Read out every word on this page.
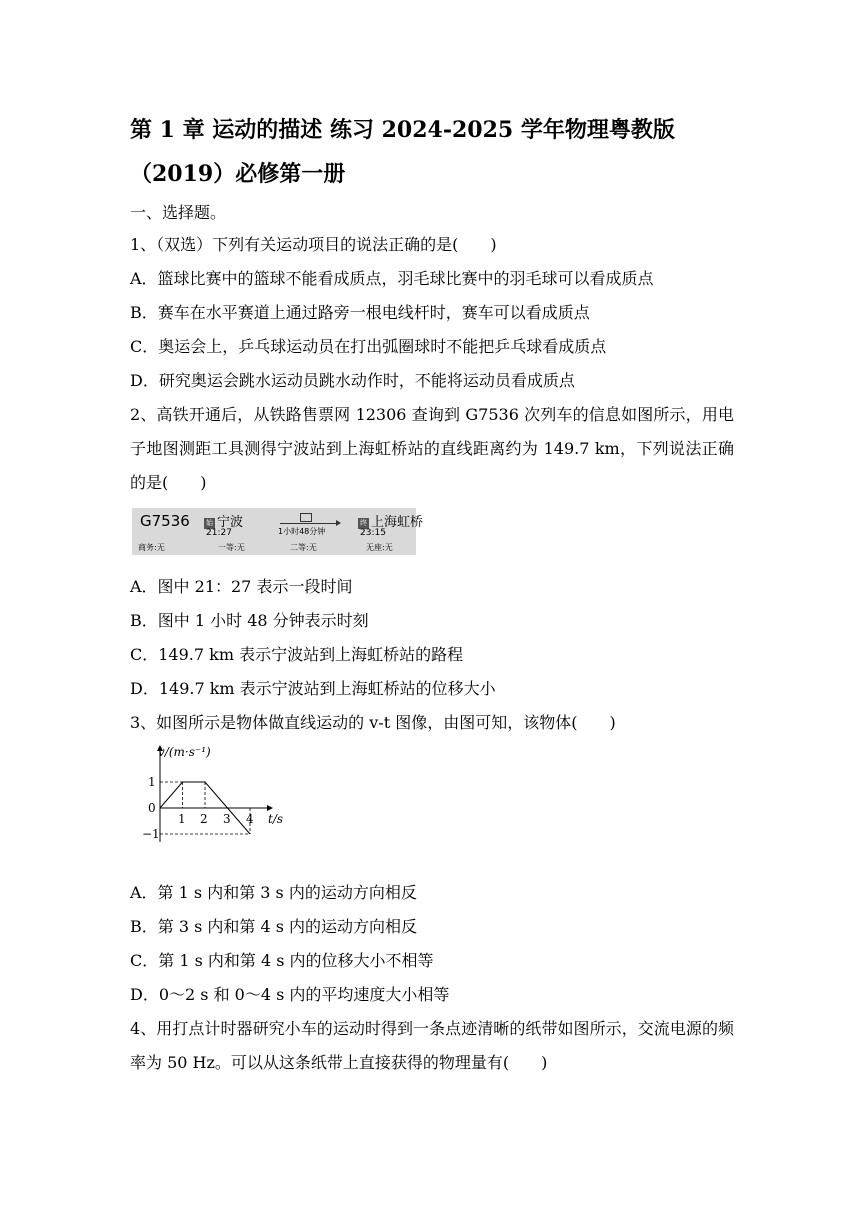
第 1 章 运动的描述 练习 2024-2025 学年物理粤教版（2019）必修第一册
一、选择题。
1、（双选）下列有关运动项目的说法正确的是(　　)
A．篮球比赛中的篮球不能看成质点，羽毛球比赛中的羽毛球可以看成质点
B．赛车在水平赛道上通过路旁一根电线杆时，赛车可以看成质点
C．奥运会上，乒乓球运动员在打出弧圈球时不能把乒乓球看成质点
D．研究奥运会跳水运动员跳水动作时，不能将运动员看成质点
2、高铁开通后，从铁路售票网 12306 查询到 G7536 次列车的信息如图所示，用电子地图测距工具测得宁波站到上海虹桥站的直线距离约为 149.7 km，下列说法正确的是(　　)
G7536 始 宁波
21:27	1小时48分钟
终 上海虹桥
23:15
商务:无	一等:无	二等:无	无座:无
A．图中 21：27 表示一段时间
B．图中 1 小时 48 分钟表示时刻
C．149.7 km 表示宁波站到上海虹桥站的路程
D．149.7 km 表示宁波站到上海虹桥站的位移大小
3、如图所示是物体做直线运动的 v-t 图像，由图可知，该物体(　　)
v/(m·s⁻¹)
t/s
1
0
−1
1 2 3 4
A．第 1 s 内和第 3 s 内的运动方向相反
B．第 3 s 内和第 4 s 内的运动方向相反
C．第 1 s 内和第 4 s 内的位移大小不相等
D．0～2 s 和 0～4 s 内的平均速度大小相等
4、用打点计时器研究小车的运动时得到一条点迹清晰的纸带如图所示，交流电源的频率为 50 Hz。可以从这条纸带上直接获得的物理量有(　　)
